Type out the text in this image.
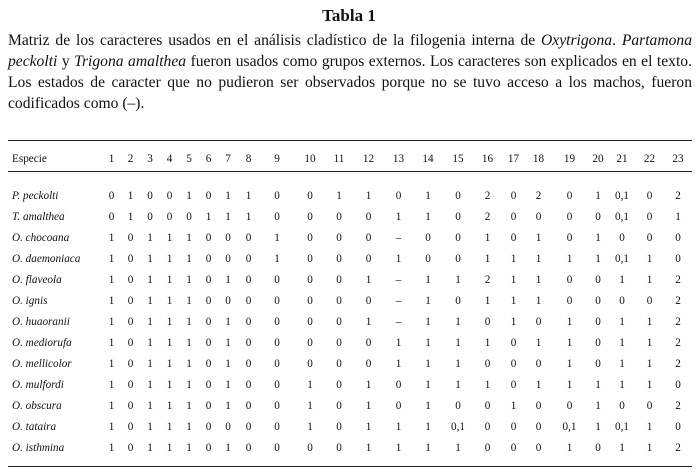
Tabla 1

Matriz de los caracteres usados en el análisis cladístico de la filogenia interna de Oxytrigona. Partamona peckolti y Trigona amalthea fueron usados como grupos externos. Los caracteres son explicados en el texto. Los estados de caracter que no pudieron ser observados porque no se tuvo acceso a los machos, fueron codificados como (–).

Especie	1	2	3	4	5	6	7	8	9	10	11	12	13	14	15	16	17	18	19	20	21	22	23

P. peckolti	0	1	0	0	1	0	1	1	0	0	1	1	0	1	0	2	0	2	0	1	0,1	0	2
T. amalthea	0	1	0	0	0	1	1	1	0	0	0	0	1	1	0	2	0	0	0	0	0,1	0	1
O. chocoana	1	0	1	1	1	0	0	0	1	0	0	0	–	0	0	1	0	1	0	1	0	0	0
O. daemoniaca	1	0	1	1	1	0	0	0	1	0	0	0	1	0	0	1	1	1	1	1	0,1	1	0
O. flaveola	1	0	1	1	1	0	1	0	0	0	0	1	–	1	1	2	1	1	0	0	1	1	2
O. ignis	1	0	1	1	1	0	0	0	0	0	0	0	–	1	0	1	1	1	0	0	0	0	2
O. huaoranii	1	0	1	1	1	0	1	0	0	0	0	1	–	1	1	0	1	0	1	0	1	1	2
O. mediorufa	1	0	1	1	1	0	1	0	0	0	0	0	1	1	1	1	0	1	1	0	1	1	2
O. mellicolor	1	0	1	1	1	0	1	0	0	0	0	0	1	1	1	0	0	0	1	0	1	1	2
O. mulfordi	1	0	1	1	1	0	1	0	0	1	0	1	0	1	1	1	0	1	1	1	1	1	0
O. obscura	1	0	1	1	1	0	1	0	0	1	0	1	0	1	0	0	1	0	0	1	0	0	2
O. tataira	1	0	1	1	1	0	0	0	0	1	0	1	1	1	0,1	0	0	0	0,1	1	0,1	1	0
O. isthmina	1	0	1	1	1	0	1	0	0	0	0	1	1	1	1	0	0	0	1	0	1	1	2
